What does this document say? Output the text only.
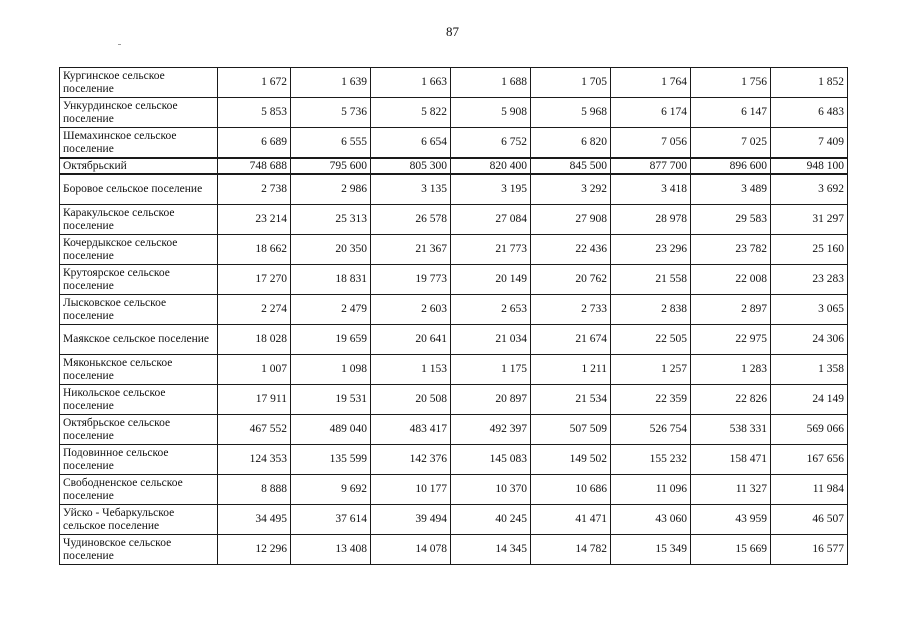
87
Кургинское сельское поселение	1 672	1 639	1 663	1 688	1 705	1 764	1 756	1 852
Ункурдинское сельское поселение	5 853	5 736	5 822	5 908	5 968	6 174	6 147	6 483
Шемахинское сельское поселение	6 689	6 555	6 654	6 752	6 820	7 056	7 025	7 409
Октябрьский	748 688	795 600	805 300	820 400	845 500	877 700	896 600	948 100
Боровое сельское поселение	2 738	2 986	3 135	3 195	3 292	3 418	3 489	3 692
Каракульское сельское поселение	23 214	25 313	26 578	27 084	27 908	28 978	29 583	31 297
Кочердыкское сельское поселение	18 662	20 350	21 367	21 773	22 436	23 296	23 782	25 160
Крутоярское сельское поселение	17 270	18 831	19 773	20 149	20 762	21 558	22 008	23 283
Лысковское сельское поселение	2 274	2 479	2 603	2 653	2 733	2 838	2 897	3 065
Маякское сельское поселение	18 028	19 659	20 641	21 034	21 674	22 505	22 975	24 306
Мяконькское сельское поселение	1 007	1 098	1 153	1 175	1 211	1 257	1 283	1 358
Никольское сельское поселение	17 911	19 531	20 508	20 897	21 534	22 359	22 826	24 149
Октябрьское сельское поселение	467 552	489 040	483 417	492 397	507 509	526 754	538 331	569 066
Подовинное сельское поселение	124 353	135 599	142 376	145 083	149 502	155 232	158 471	167 656
Свободненское сельское поселение	8 888	9 692	10 177	10 370	10 686	11 096	11 327	11 984
Уйско - Чебаркульское сельское поселение	34 495	37 614	39 494	40 245	41 471	43 060	43 959	46 507
Чудиновское сельское поселение	12 296	13 408	14 078	14 345	14 782	15 349	15 669	16 577
